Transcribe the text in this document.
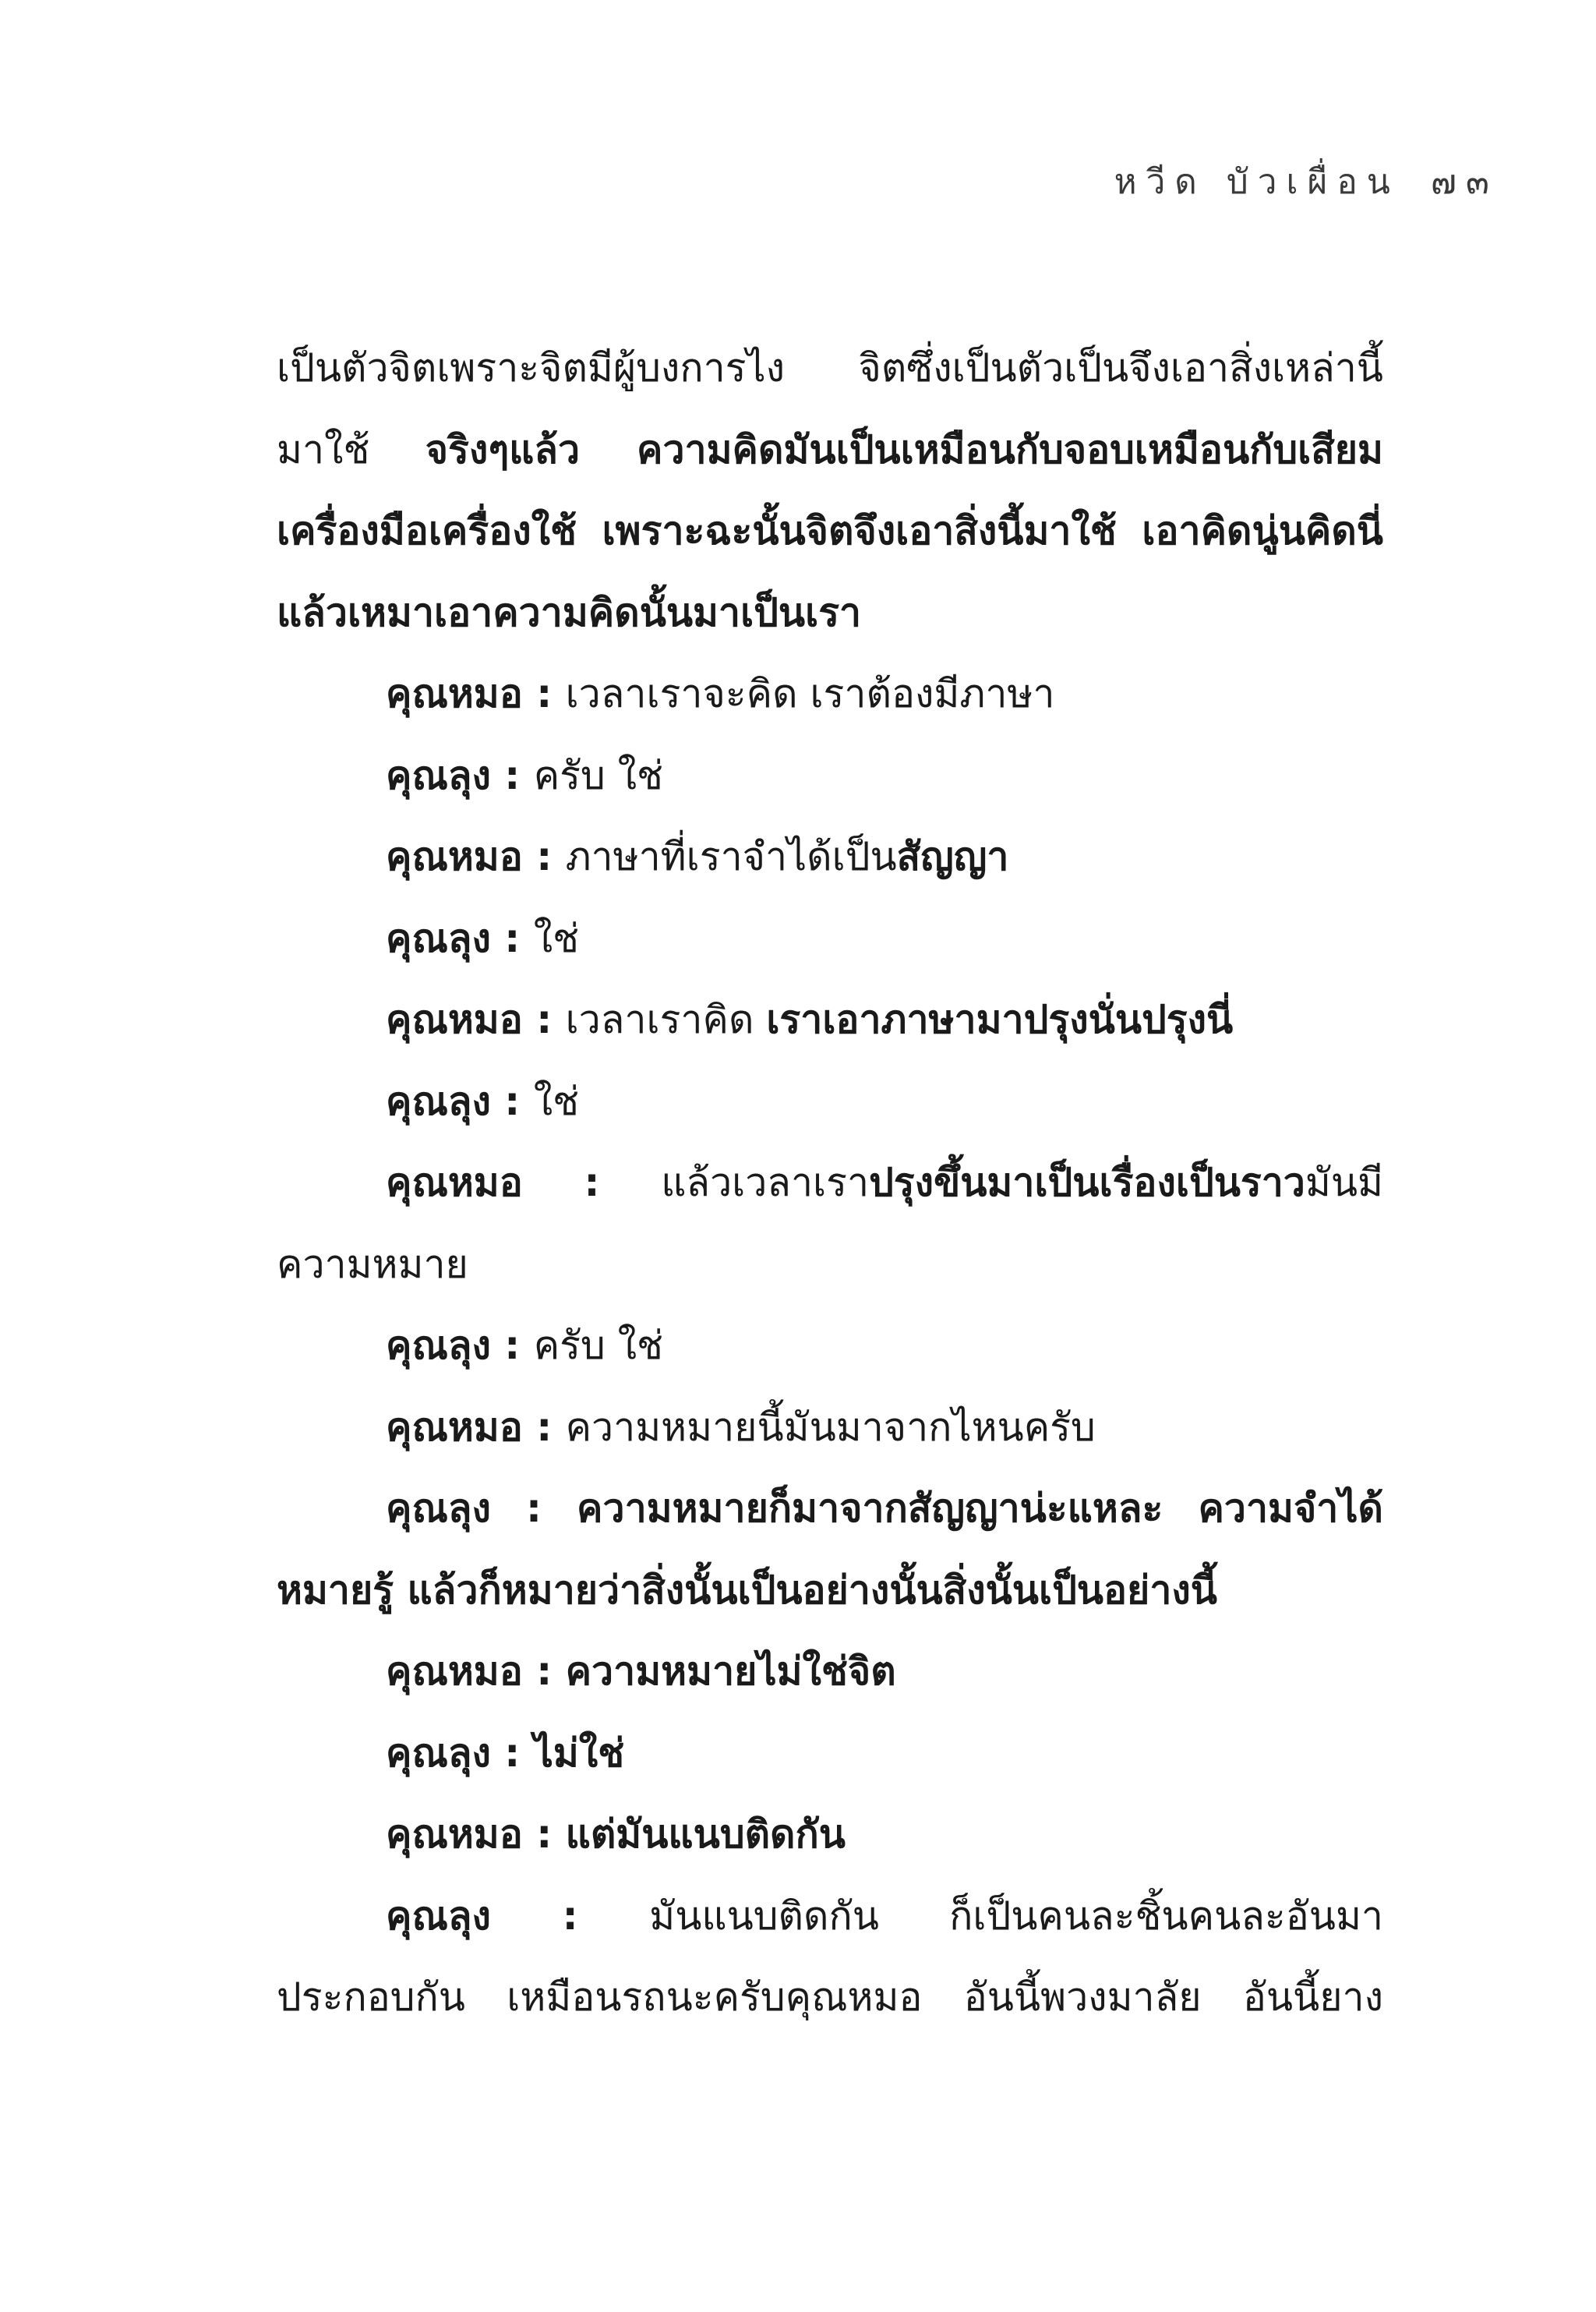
หวีด บัวเผื่อน ๗๓
เป็นตัวจิตเพราะจิตมีผู้บงการไง จิตซึ่งเป็นตัวเป็นจึงเอาสิ่งเหล่านี้
มาใช้ จริงๆแล้ว ความคิดมันเป็นเหมือนกับจอบเหมือนกับเสียม
เครื่องมือเครื่องใช้ เพราะฉะนั้นจิตจึงเอาสิ่งนี้มาใช้ เอาคิดนู่นคิดนี่
แล้วเหมาเอาความคิดนั้นมาเป็นเรา
คุณหมอ : เวลาเราจะคิด เราต้องมีภาษา
คุณลุง : ครับ ใช่
คุณหมอ : ภาษาที่เราจำได้เป็นสัญญา
คุณลุง : ใช่
คุณหมอ : เวลาเราคิด เราเอาภาษามาปรุงนั่นปรุงนี่
คุณลุง : ใช่
คุณหมอ : แล้วเวลาเราปรุงขึ้นมาเป็นเรื่องเป็นราวมันมี
ความหมาย
คุณลุง : ครับ ใช่
คุณหมอ : ความหมายนี้มันมาจากไหนครับ
คุณลุง : ความหมายก็มาจากสัญญาน่ะแหละ ความจำได้
หมายรู้ แล้วก็หมายว่าสิ่งนั้นเป็นอย่างนั้นสิ่งนั้นเป็นอย่างนี้
คุณหมอ : ความหมายไม่ใช่จิต
คุณลุง : ไม่ใช่
คุณหมอ : แต่มันแนบติดกัน
คุณลุง : มันแนบติดกัน ก็เป็นคนละชิ้นคนละอันมา
ประกอบกัน เหมือนรถนะครับคุณหมอ อันนี้พวงมาลัย อันนี้ยาง
